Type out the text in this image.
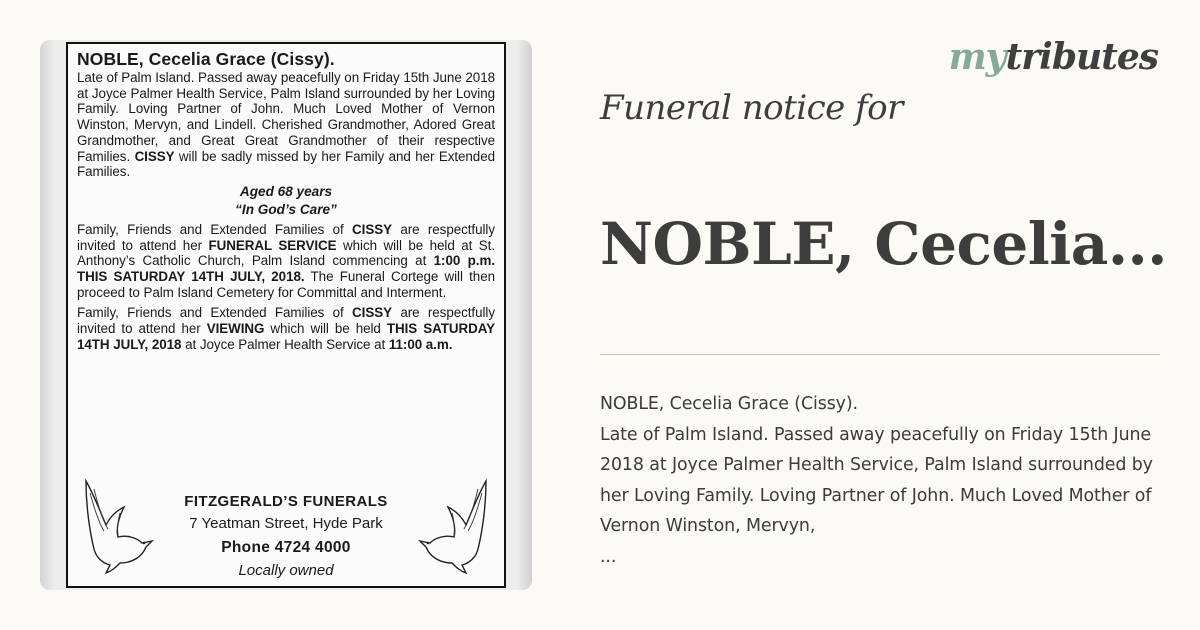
NOBLE, Cecelia Grace (Cissy).

Late of Palm Island. Passed away peacefully on Friday 15th June 2018 at Joyce Palmer Health Service, Palm Island surrounded by her Loving Family. Loving Partner of John. Much Loved Mother of Vernon Winston, Mervyn, and Lindell. Cherished Grandmother, Adored Great Grandmother, and Great Great Grandmother of their respective Families. CISSY will be sadly missed by her Family and her Extended Families.

Aged 68 years
“In God’s Care”

Family, Friends and Extended Families of CISSY are respectfully invited to attend her FUNERAL SERVICE which will be held at St. Anthony’s Catholic Church, Palm Island commencing at 1:00 p.m. THIS SATURDAY 14TH JULY, 2018. The Funeral Cortege will then proceed to Palm Island Cemetery for Committal and Interment.

Family, Friends and Extended Families of CISSY are respectfully invited to attend her VIEWING which will be held THIS SATURDAY 14TH JULY, 2018 at Joyce Palmer Health Service at 11:00 a.m.

FITZGERALD’S FUNERALS
7 Yeatman Street, Hyde Park
Phone 4724 4000
Locally owned
mytributes
Funeral notice for
NOBLE, Cecelia...
NOBLE, Cecelia Grace (Cissy).
Late of Palm Island. Passed away peacefully on Friday 15th June 2018 at Joyce Palmer Health Service, Palm Island surrounded by her Loving Family. Loving Partner of John. Much Loved Mother of Vernon Winston, Mervyn,
...
